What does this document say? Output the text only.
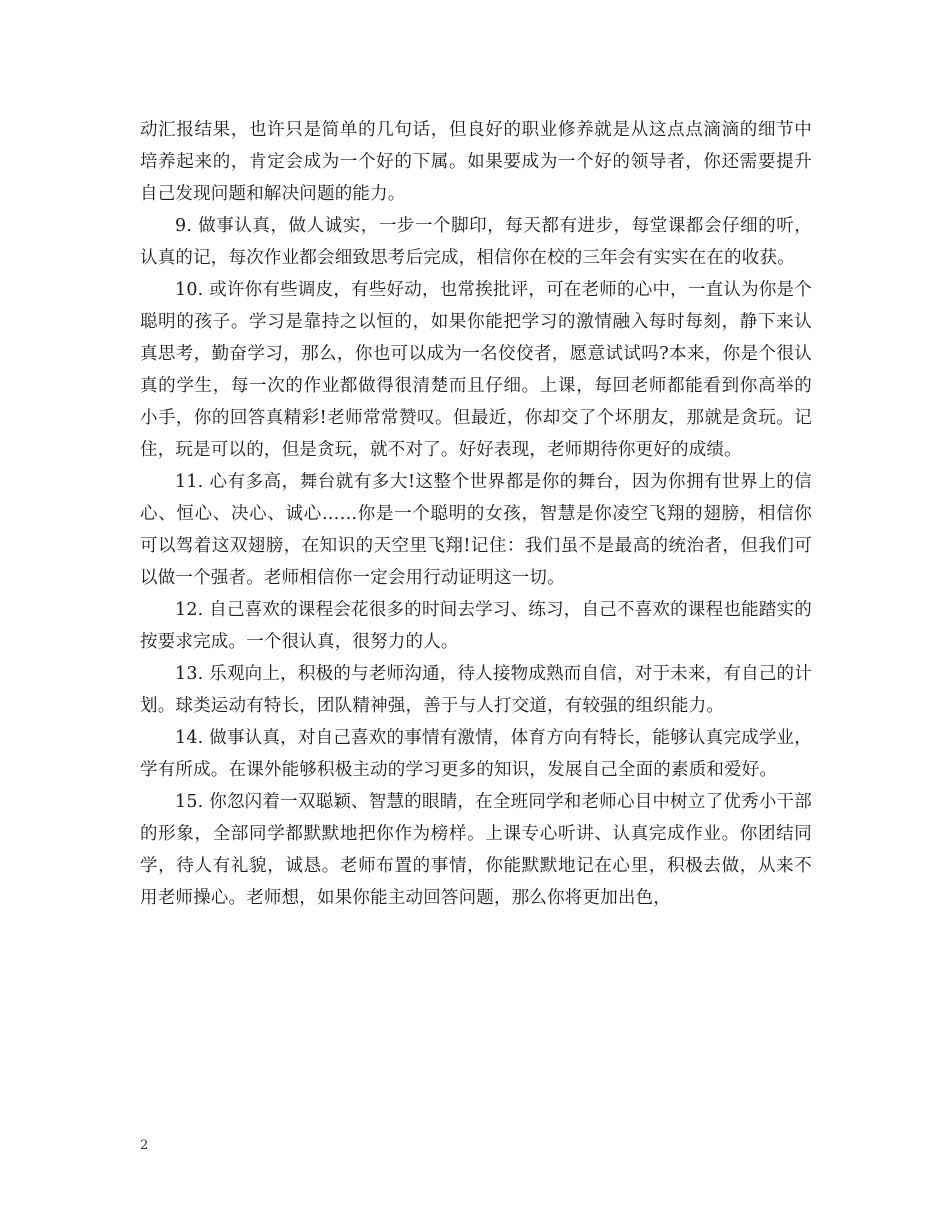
动汇报结果，也许只是简单的几句话，但良好的职业修养就是从这点点滴滴的细节中培养起来的，肯定会成为一个好的下属。如果要成为一个好的领导者，你还需要提升自己发现问题和解决问题的能力。

9. 做事认真，做人诚实，一步一个脚印，每天都有进步，每堂课都会仔细的听，认真的记，每次作业都会细致思考后完成，相信你在校的三年会有实实在在的收获。

10. 或许你有些调皮，有些好动，也常挨批评，可在老师的心中，一直认为你是个聪明的孩子。学习是靠持之以恒的，如果你能把学习的激情融入每时每刻，静下来认真思考，勤奋学习，那么，你也可以成为一名佼佼者，愿意试试吗?本来，你是个很认真的学生，每一次的作业都做得很清楚而且仔细。上课，每回老师都能看到你高举的小手，你的回答真精彩!老师常常赞叹。但最近，你却交了个坏朋友，那就是贪玩。记住，玩是可以的，但是贪玩，就不对了。好好表现，老师期待你更好的成绩。

11. 心有多高，舞台就有多大!这整个世界都是你的舞台，因为你拥有世界上的信心、恒心、决心、诚心……你是一个聪明的女孩，智慧是你凌空飞翔的翅膀，相信你可以驾着这双翅膀，在知识的天空里飞翔!记住：我们虽不是最高的统治者，但我们可以做一个强者。老师相信你一定会用行动证明这一切。

12. 自己喜欢的课程会花很多的时间去学习、练习，自己不喜欢的课程也能踏实的按要求完成。一个很认真，很努力的人。

13. 乐观向上，积极的与老师沟通，待人接物成熟而自信，对于未来，有自己的计划。球类运动有特长，团队精神强，善于与人打交道，有较强的组织能力。

14. 做事认真，对自己喜欢的事情有激情，体育方向有特长，能够认真完成学业，学有所成。在课外能够积极主动的学习更多的知识，发展自己全面的素质和爱好。

15. 你忽闪着一双聪颖、智慧的眼睛，在全班同学和老师心目中树立了优秀小干部的形象，全部同学都默默地把你作为榜样。上课专心听讲、认真完成作业。你团结同学，待人有礼貌，诚恳。老师布置的事情，你能默默地记在心里，积极去做，从来不用老师操心。老师想，如果你能主动回答问题，那么你将更加出色，

2
